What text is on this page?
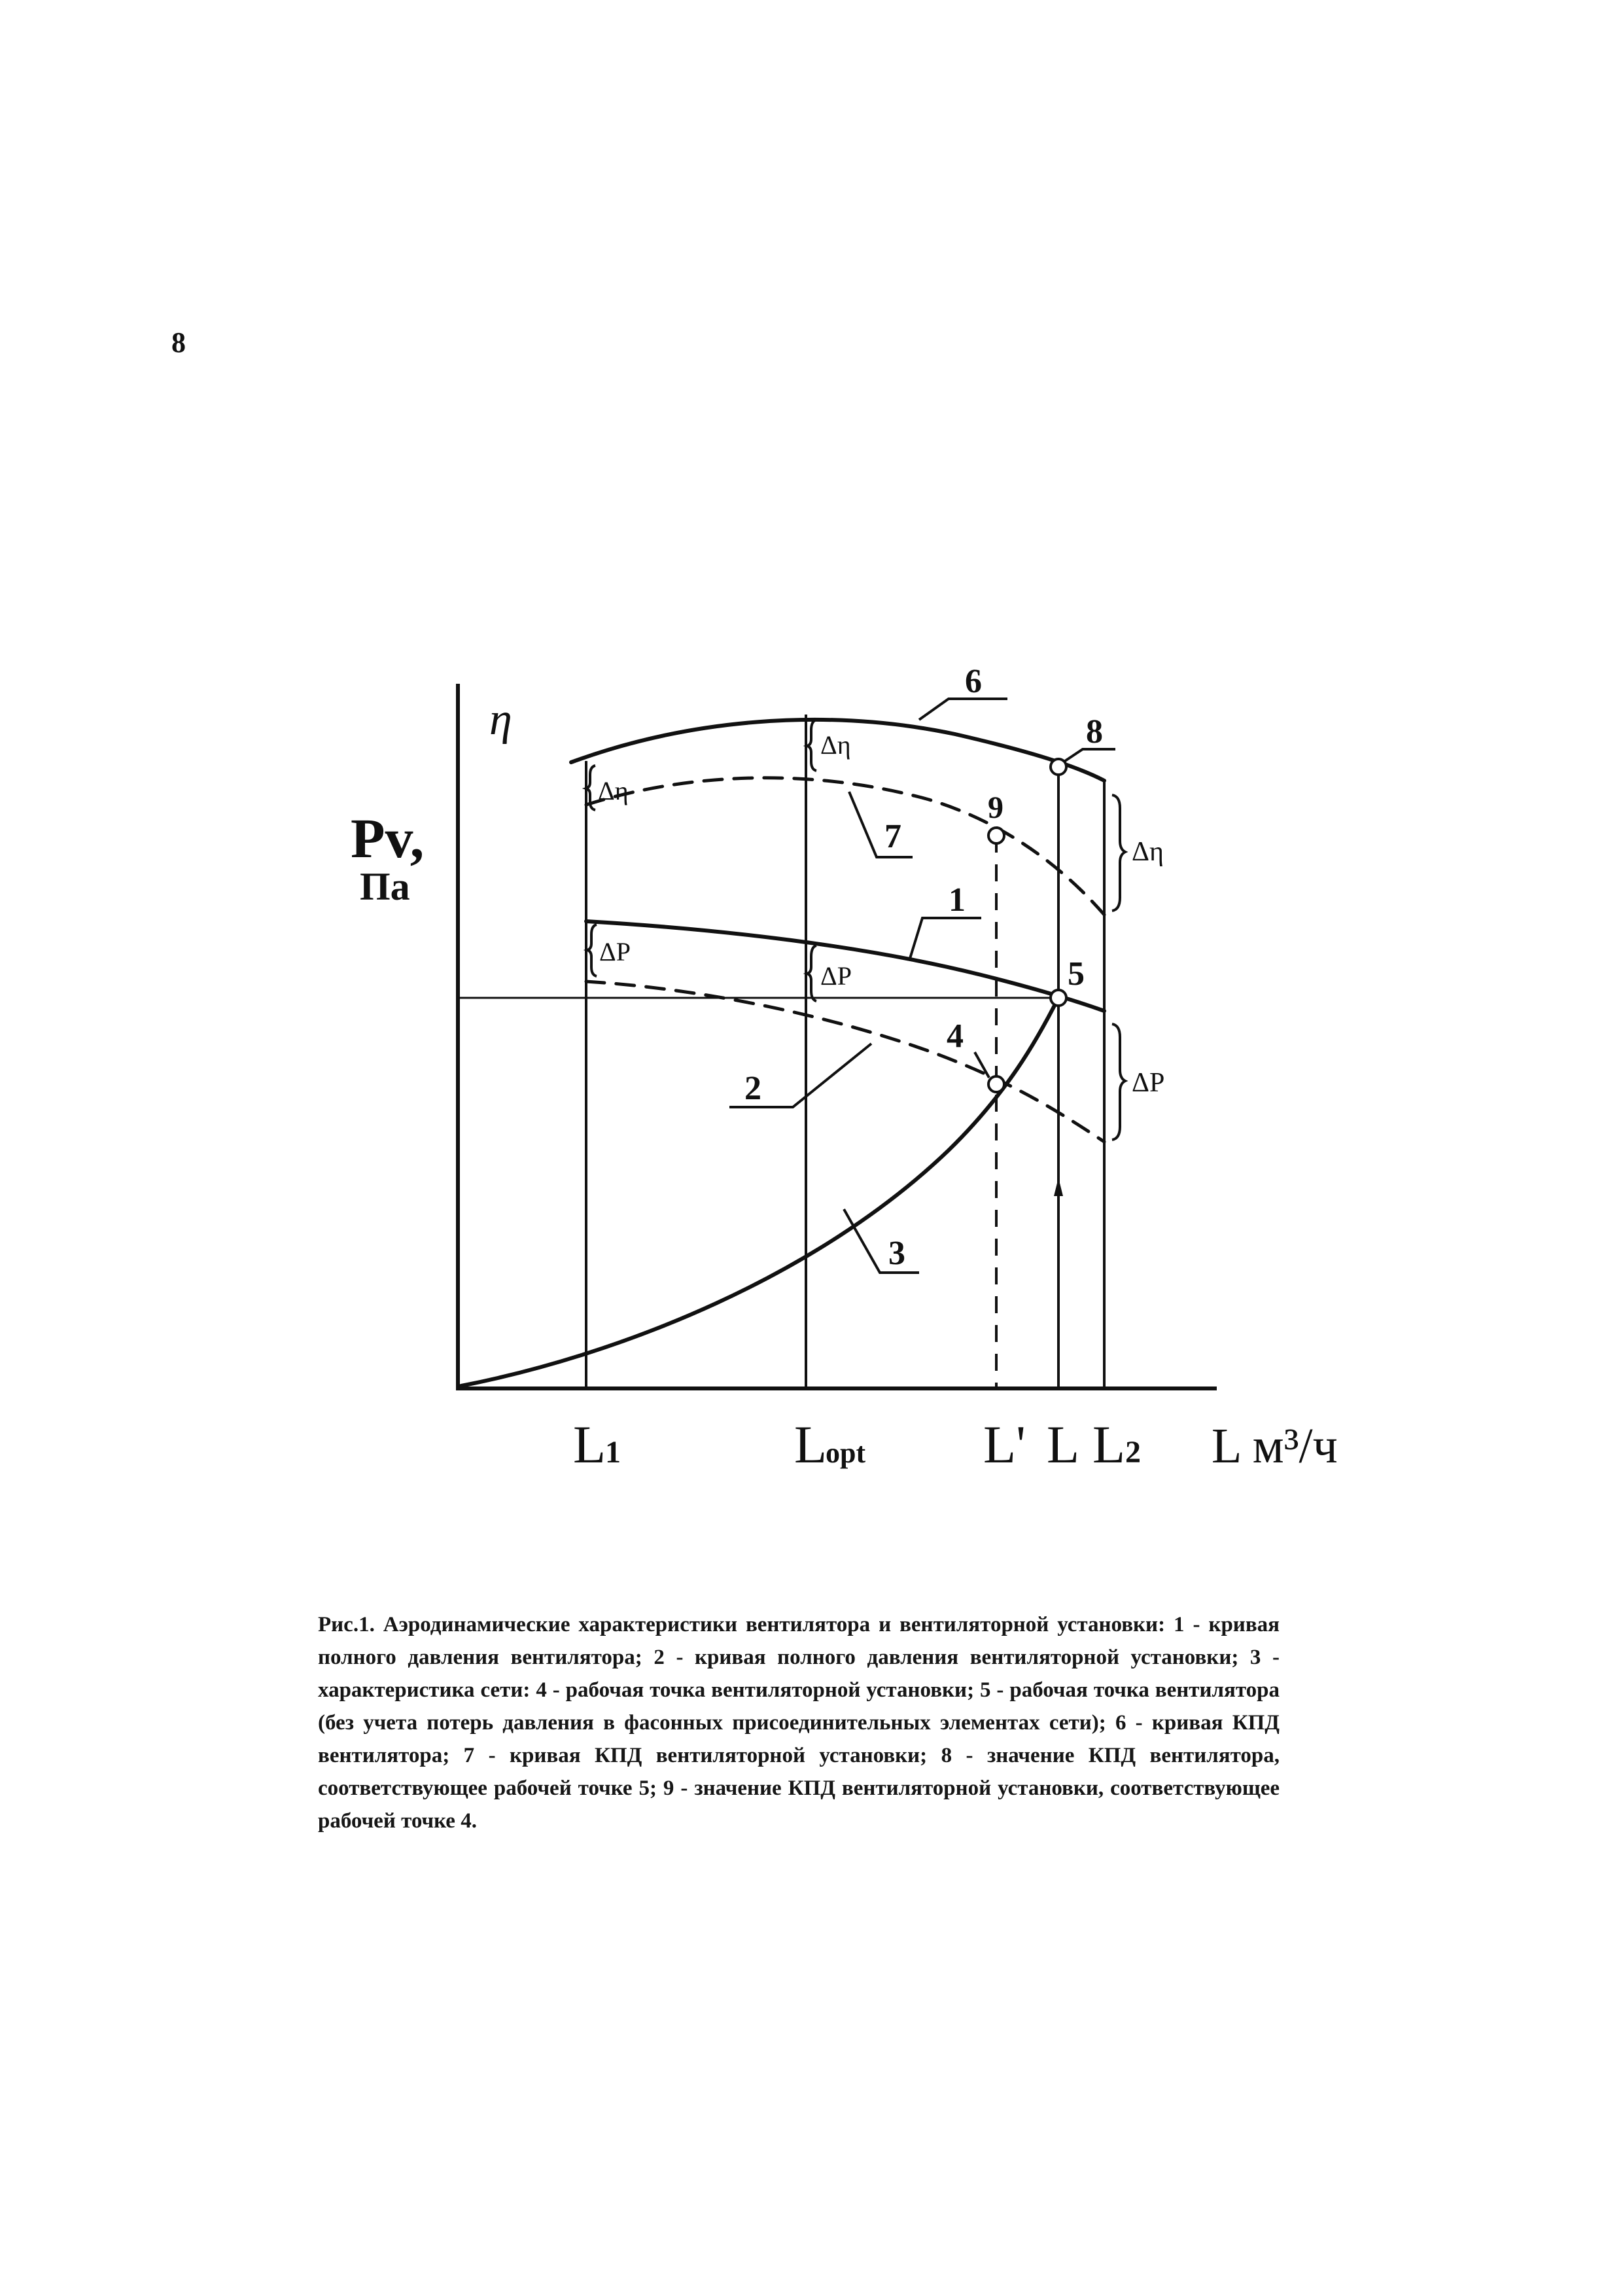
8
η
Pv,
Па
L
1	L
opt L' L L 2 L м³/ч
6
8
9
7
1
5
4
2
3
Δη
Δη
Δη
ΔP
ΔP
ΔP
Рис.1. Аэродинамические характеристики вентилятора и вентиляторной установки: 1 - кривая полного давления вентилятора; 2 - кривая полного давления вентиляторной установки; 3 - характеристика сети: 4 - рабочая точка вентиляторной установки; 5 - рабочая точка вентилятора (без учета потерь давления в фасонных присоединительных элементах сети); 6 - кривая КПД вентилятора; 7 - кривая КПД вентиляторной установки; 8 - значение КПД вентилятора, соответствующее рабочей точке 5; 9 - значение КПД вентиляторной установки, соответствующее рабочей точке 4.
